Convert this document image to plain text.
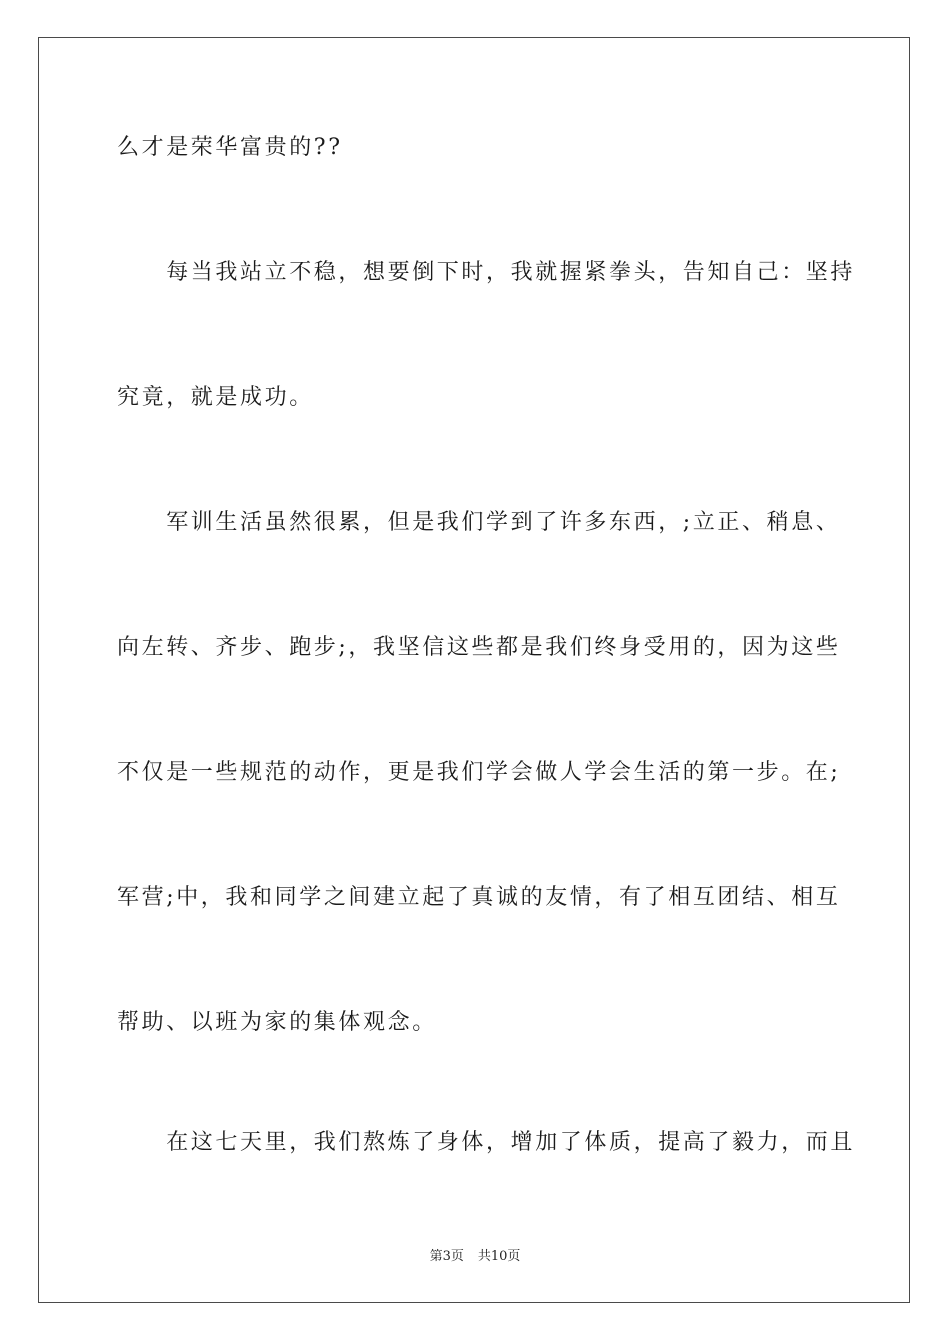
么才是荣华富贵的??
　　每当我站立不稳，想要倒下时，我就握紧拳头，告知自己：坚持
究竟，就是成功。
　　军训生活虽然很累，但是我们学到了许多东西，;立正、稍息、
向左转、齐步、跑步;，我坚信这些都是我们终身受用的，因为这些
不仅是一些规范的动作，更是我们学会做人学会生活的第一步。在;
军营;中，我和同学之间建立起了真诚的友情，有了相互团结、相互
帮助、以班为家的集体观念。
　　在这七天里，我们熬炼了身体，增加了体质，提高了毅力，而且
第3页 共10页
